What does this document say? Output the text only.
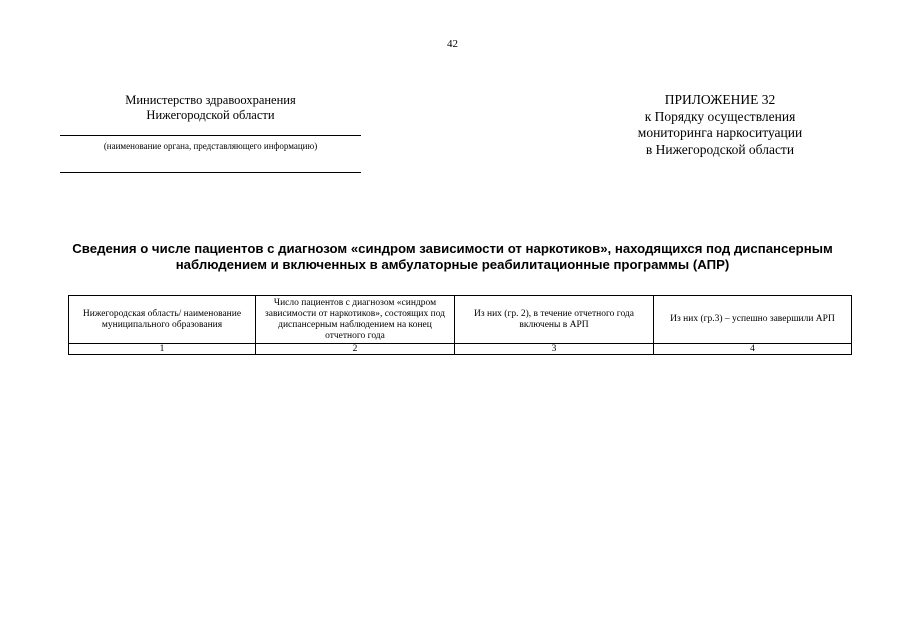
42
Министерство здравоохранения
Нижегородской области
(наименование органа, представляющего информацию)
ПРИЛОЖЕНИЕ 32
к Порядку осуществления
мониторинга наркоситуации
в Нижегородской области
Сведения о числе пациентов с диагнозом «синдром зависимости от наркотиков», находящихся под диспансерным
наблюдением и включенных в амбулаторные реабилитационные программы (АПР)
Нижегородская область/ наименование муниципального образования	Число пациентов с диагнозом «синдром зависимости от наркотиков», состоящих под диспансерным наблюдением на конец отчетного года	Из них (гр. 2), в течение отчетного года включены в АРП	Из них (гр.3) – успешно завершили АРП
1	2	3	4
